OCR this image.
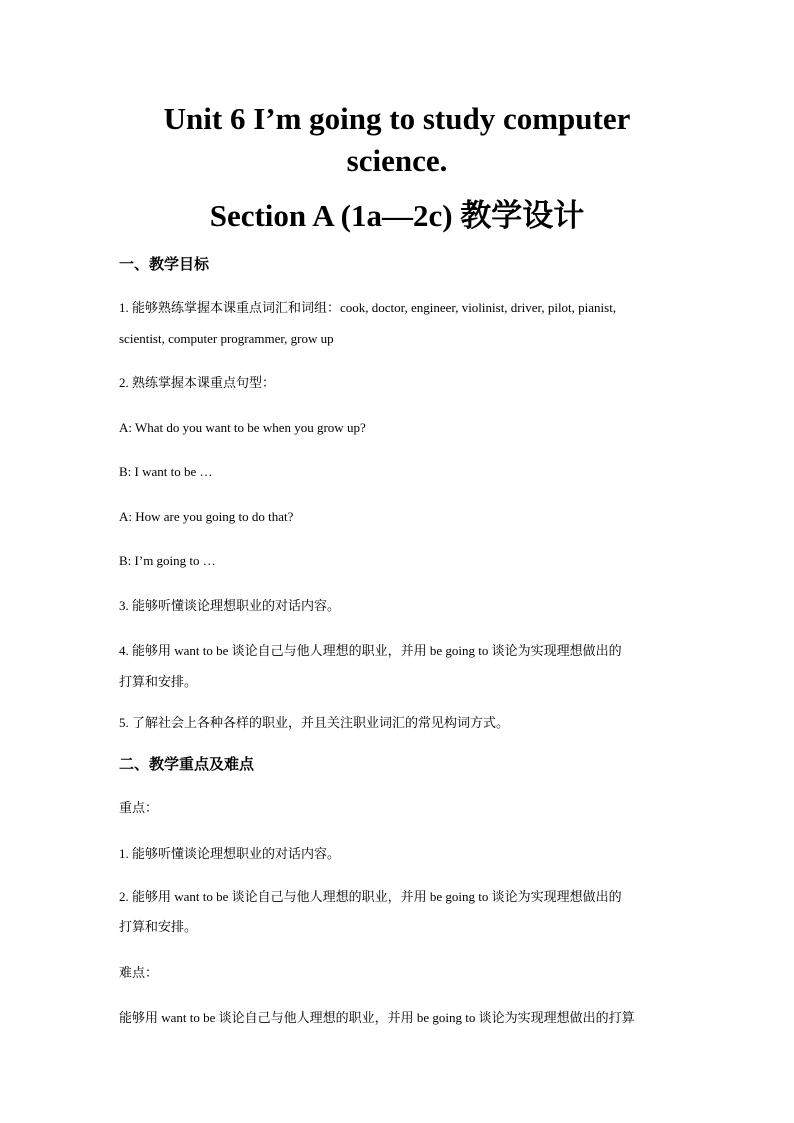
Unit 6 I’m going to study computer
science.
Section A (1a—2c) 教学设计
一、教学目标
1. 能够熟练掌握本课重点词汇和词组：cook, doctor, engineer, violinist, driver, pilot, pianist,
scientist, computer programmer, grow up
2. 熟练掌握本课重点句型：
A: What do you want to be when you grow up?
B: I want to be …
A: How are you going to do that?
B: I’m going to …
3. 能够听懂谈论理想职业的对话内容。
4. 能够用 want to be 谈论自己与他人理想的职业，并用 be going to 谈论为实现理想做出的
打算和安排。
5. 了解社会上各种各样的职业，并且关注职业词汇的常见构词方式。
二、教学重点及难点
重点：
1. 能够听懂谈论理想职业的对话内容。
2. 能够用 want to be 谈论自己与他人理想的职业，并用 be going to 谈论为实现理想做出的
打算和安排。
难点：
能够用 want to be 谈论自己与他人理想的职业，并用 be going to 谈论为实现理想做出的打算
